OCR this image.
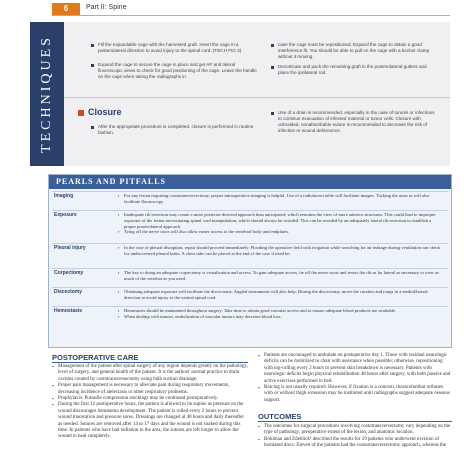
6	Part II: Spine
TECHNIQUES	Fill the expandable cage with the harvested graft. Insert the cage in a posterolateral direction to avoid injury to the spinal cord. (TECH FIG 3)
Expand the cage to secure the cage in place and get AP and lateral fluoroscopic views to check for good positioning of the cage. Leave the handle on the cage when taking the radiographs in
case the cage must be repositioned. Expand the cage to obtain a good interference fit. You should be able to pull on the cage with a kocher clamp without it moving.
Decorticate and pack the remaining graft in the posterolateral gutters and place the ipsilateral rod.
Closure
After the appropriate procedure is completed, closure is performed in routine fashion.
Use of a drain is recommended, especially in the case of tumors or infections to continue evacuation of infected material or tumor cells. Closure with unbraided, nonabsorbable suture is recommended to decrease the risk of infection or wound dehiscence.
PEARLS AND PITFALLS
Imaging	▪ For any lesion requiring costotransversectomy, proper intraoperative imaging is helpful. Use of a radiolucent table will facilitate images. Tucking the arms in will also facilitate fluoroscopy.
Exposure	▪ Inadequate rib resection may create a more posterior-directed approach than anticipated, which restrains the view of more anterior structures. This could lead to improper exposure of the lesion necessitating spinal cord manipulation, which should always be avoided. This can be avoided by an adequately lateral rib resection to establish a proper posterolateral approach.
▪ Tying off the nerve roots will also allow easier access to the vertebral body and endplates.
Pleural injury	▪ In the case of pleural disruption, repair should proceed immediately. Flooding the operative field with irrigation while searching for air leakage during ventilation can check for undiscovered pleural leaks. A chest tube can be placed at the end of the case if need be.
Corpectomy	▪ The key to doing an adequate corpectomy is visualization and access. To gain adequate access, tie off the nerve roots and resect the rib as far lateral as necessary to view as much of the vertebra as you need.
Discectomy	▪ Obtaining adequate exposure will facilitate the discectomy. Angled instruments will also help. During the discectomy, move the curettes and rongs in a medial/lateral direction to avoid injury to the ventral spinal cord.
Hemostasis	▪ Hemostasis should be maintained throughout surgery. Take time to obtain good vascular access and to ensure adequate blood products are available.
▪ When dealing with tumors, embolization of vascular tumors may decrease blood loss.
POSTOPERATIVE CARE
▪ Management of the patient after spinal surgery of any region depends greatly on the pathology, level of surgery, and general health of the patient. It is the authors' normal practice to drain cavities created by costotransversectomy using bulb suction drainage.
▪ Proper pain management is necessary to alleviate pain during respiratory movements, decreasing incidence of atelectasis or other respiratory problems.
▪ Prophylaxis: Pulsatile compression stockings may be continued postoperatively.
▪ During the first 12 postoperative hours, the patient is allowed to lie supine as pressure on the wound discourages hematoma development. The patient is rolled every 2 hours to prevent wound maceration and pressure sores. Dressings are changed at 48 hours and daily thereafter as needed. Sutures are removed after 14 to 17 days and the wound is not soaked during this time. In patients who have had radiation to the area, the sutures are left longer to allow the wound to heal completely.
▪ Patients are encouraged to ambulate on postoperative day 1. Those with residual neurologic deficits can be mobilized to chair with assistance when possible; otherwise, repositioning with log-rolling every 2 hours to prevent skin breakdown is necessary. Patients with neurologic deficits begin physical rehabilitation 48 hours after surgery, with both passive and active exercises performed in bed.
▪ Bracing is not usually required. However, if fixation is a concern, thoracolumbar orthoses with or without thigh extension may be instituted until radiographs suggest adequate osseous support.
OUTCOMES
▪ The outcomes for surgical procedures involving costotransversectomy vary depending on the type of pathology, preoperative extent of the lesion, and anatomic location.
▪ Bohlman and Zdeblick¹ described the results for 19 patients who underwent excision of herniated discs. Eleven of the patients had the costotransversectomy approach, whereas the
